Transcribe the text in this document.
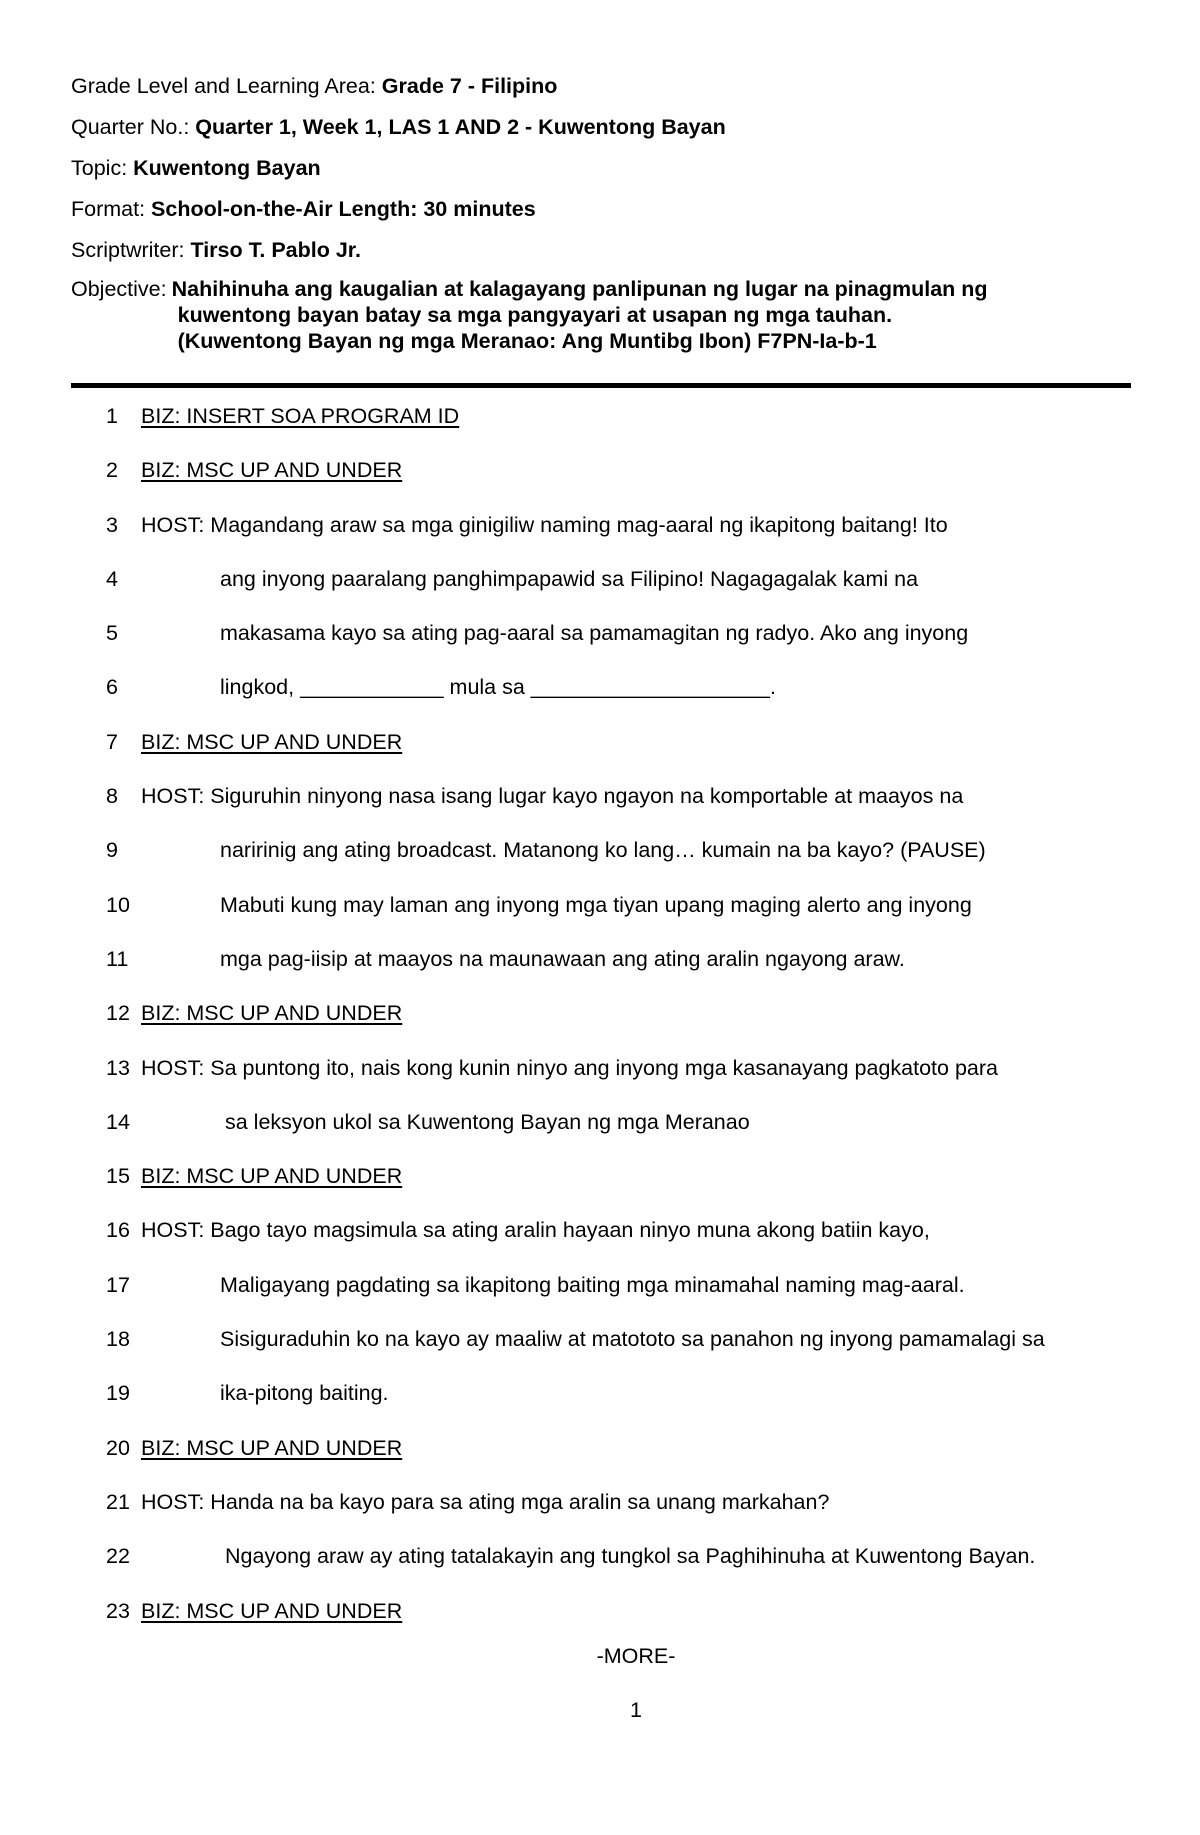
Grade Level and Learning Area: Grade 7 - Filipino
Quarter No.: Quarter 1, Week 1, LAS 1 AND 2 - Kuwentong Bayan
Topic: Kuwentong Bayan
Format: School-on-the-Air Length: 30 minutes
Scriptwriter: Tirso T. Pablo Jr.
Objective: Nahihinuha ang kaugalian at kalagayang panlipunan ng lugar na pinagmulan ng
kuwentong bayan batay sa mga pangyayari at usapan ng mga tauhan.
(Kuwentong Bayan ng mga Meranao: Ang Muntibg Ibon) F7PN-Ia-b-1
1	BIZ: INSERT SOA PROGRAM ID
2	BIZ: MSC UP AND UNDER
3	HOST: Magandang araw sa mga ginigiliw naming mag-aaral ng ikapitong baitang! Ito
4	ang inyong paaralang panghimpapawid sa Filipino! Nagagagalak kami na
5	makasama kayo sa ating pag-aaral sa pamamagitan ng radyo. Ako ang inyong
6	lingkod, ____________ mula sa ____________________.
7	BIZ: MSC UP AND UNDER
8	HOST: Siguruhin ninyong nasa isang lugar kayo ngayon na komportable at maayos na
9	naririnig ang ating broadcast. Matanong ko lang… kumain na ba kayo? (PAUSE)
10	Mabuti kung may laman ang inyong mga tiyan upang maging alerto ang inyong
11	mga pag-iisip at maayos na maunawaan ang ating aralin ngayong araw.
12 BIZ: MSC UP AND UNDER
13 HOST: Sa puntong ito, nais kong kunin ninyo ang inyong mga kasanayang pagkatoto para
14	sa leksyon ukol sa Kuwentong Bayan ng mga Meranao
15 BIZ: MSC UP AND UNDER
16 HOST: Bago tayo magsimula sa ating aralin hayaan ninyo muna akong batiin kayo,
17	Maligayang pagdating sa ikapitong baiting mga minamahal naming mag-aaral.
18	Sisiguraduhin ko na kayo ay maaliw at matototo sa panahon ng inyong pamamalagi sa
19	ika-pitong baiting.
20 BIZ: MSC UP AND UNDER
21 HOST: Handa na ba kayo para sa ating mga aralin sa unang markahan?
22	Ngayong araw ay ating tatalakayin ang tungkol sa Paghihinuha at Kuwentong Bayan.
23 BIZ: MSC UP AND UNDER
-MORE-
1
